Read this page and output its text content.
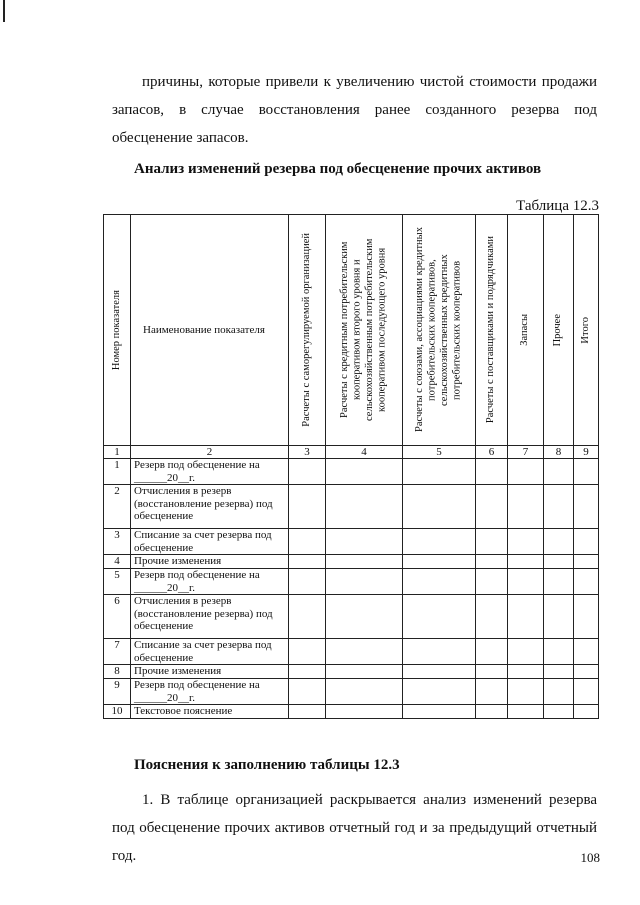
причины, которые привели к увеличению чистой стоимости продажи запасов, в случае восстановления ранее созданного резерва под обесценение запасов.
Анализ изменений резерва под обесценение прочих активов
Таблица 12.3
Номер показателя	Наименование показателя	Расчеты с саморегулируемой организацией	Расчеты с кредитным потребительским кооперативом второго уровня и сельскохозяйственным потребительским кооперативом последующего уровня	Расчеты с союзами, ассоциациями кредитных потребительских кооперативов, сельскохозяйственных кредитных потребительских кооперативов	Расчеты с поставщиками и подрядчиками	Запасы	Прочее	Итого

1	2	3	4	5	6	7	8	9
1	Резерв под обесценение на ______20__г.							
2	Отчисления в резерв (восстановление резерва) под обесценение							
3	Списание за счет резерва под обесценение							
4	Прочие изменения							
5	Резерв под обесценение на ______20__г.							
6	Отчисления в резерв (восстановление резерва) под обесценение							
7	Списание за счет резерва под обесценение							
8	Прочие изменения							
9	Резерв под обесценение на ______20__г.							
10	Текстовое пояснение							
Пояснения к заполнению таблицы 12.3
1. В таблице организацией раскрывается анализ изменений резерва под обесценение прочих активов отчетный год и за предыдущий отчетный год.	108
